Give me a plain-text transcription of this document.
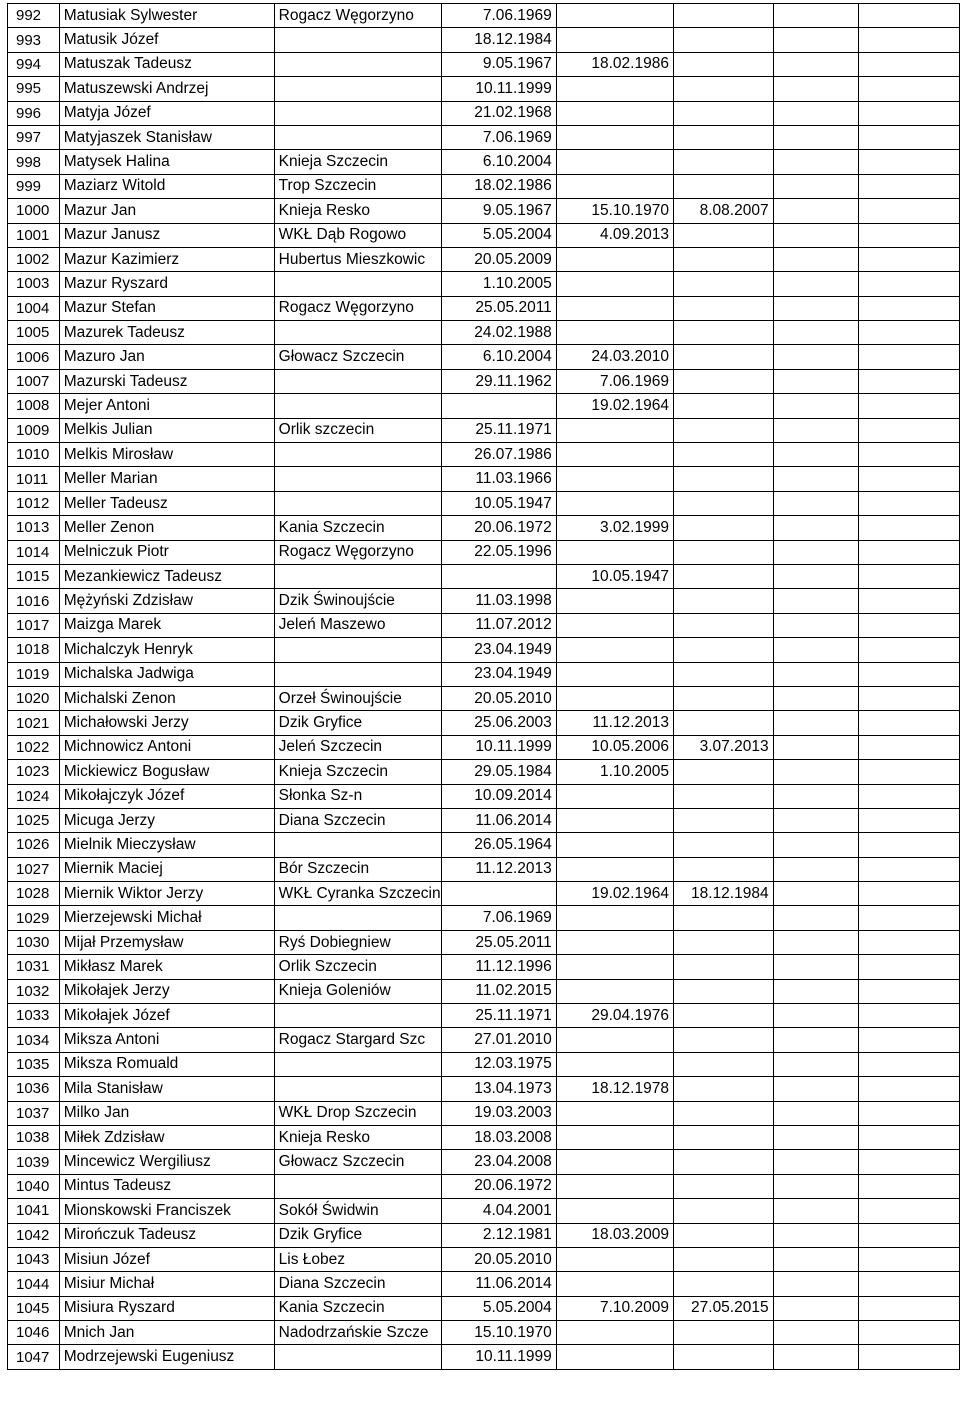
992	Matusiak Sylwester	Rogacz Węgorzyno	7.06.1969				
993	Matusik Józef		18.12.1984				
994	Matuszak Tadeusz		9.05.1967	18.02.1986			
995	Matuszewski Andrzej		10.11.1999				
996	Matyja Józef		21.02.1968				
997	Matyjaszek Stanisław		7.06.1969				
998	Matysek Halina	Knieja Szczecin	6.10.2004				
999	Maziarz Witold	Trop Szczecin	18.02.1986				
1000	Mazur Jan	Knieja Resko	9.05.1967	15.10.1970	8.08.2007		
1001	Mazur Janusz	WKŁ Dąb Rogowo	5.05.2004	4.09.2013			
1002	Mazur Kazimierz	Hubertus Mieszkowic	20.05.2009				
1003	Mazur Ryszard		1.10.2005				
1004	Mazur Stefan	Rogacz Węgorzyno	25.05.2011				
1005	Mazurek Tadeusz		24.02.1988				
1006	Mazuro Jan	Głowacz Szczecin	6.10.2004	24.03.2010			
1007	Mazurski Tadeusz		29.11.1962	7.06.1969			
1008	Mejer Antoni			19.02.1964			
1009	Melkis Julian	Orlik szczecin	25.11.1971				
1010	Melkis Mirosław		26.07.1986				
1011	Meller Marian		11.03.1966				
1012	Meller Tadeusz		10.05.1947				
1013	Meller Zenon	Kania Szczecin	20.06.1972	3.02.1999			
1014	Melniczuk Piotr	Rogacz Węgorzyno	22.05.1996				
1015	Mezankiewicz Tadeusz			10.05.1947			
1016	Mężyński Zdzisław	Dzik Świnoujście	11.03.1998				
1017	Maizga Marek	Jeleń Maszewo	11.07.2012				
1018	Michalczyk Henryk		23.04.1949				
1019	Michalska Jadwiga		23.04.1949				
1020	Michalski Zenon	Orzeł Świnoujście	20.05.2010				
1021	Michałowski Jerzy	Dzik Gryfice	25.06.2003	11.12.2013			
1022	Michnowicz Antoni	Jeleń Szczecin	10.11.1999	10.05.2006	3.07.2013		
1023	Mickiewicz Bogusław	Knieja Szczecin	29.05.1984	1.10.2005			
1024	Mikołajczyk Józef	Słonka Sz-n	10.09.2014				
1025	Micuga Jerzy	Diana Szczecin	11.06.2014				
1026	Mielnik Mieczysław		26.05.1964				
1027	Miernik Maciej	Bór Szczecin	11.12.2013				
1028	Miernik Wiktor Jerzy	WKŁ Cyranka Szczecin		19.02.1964	18.12.1984		
1029	Mierzejewski Michał		7.06.1969				
1030	Mijał Przemysław	Ryś Dobiegniew	25.05.2011				
1031	Mikłasz Marek	Orlik Szczecin	11.12.1996				
1032	Mikołajek Jerzy	Knieja Goleniów	11.02.2015				
1033	Mikołajek Józef		25.11.1971	29.04.1976			
1034	Miksza Antoni	Rogacz Stargard Szc	27.01.2010				
1035	Miksza Romuald		12.03.1975				
1036	Mila Stanisław		13.04.1973	18.12.1978			
1037	Milko Jan	WKŁ Drop Szczecin	19.03.2003				
1038	Miłek Zdzisław	Knieja Resko	18.03.2008				
1039	Mincewicz Wergiliusz	Głowacz Szczecin	23.04.2008				
1040	Mintus Tadeusz		20.06.1972				
1041	Mionskowski Franciszek	Sokół Świdwin	4.04.2001				
1042	Mirończuk Tadeusz	Dzik Gryfice	2.12.1981	18.03.2009			
1043	Misiun Józef	Lis Łobez	20.05.2010				
1044	Misiur Michał	Diana Szczecin	11.06.2014				
1045	Misiura Ryszard	Kania Szczecin	5.05.2004	7.10.2009	27.05.2015		
1046	Mnich Jan	Nadodrzańskie Szcze	15.10.1970				
1047	Modrzejewski Eugeniusz		10.11.1999				
